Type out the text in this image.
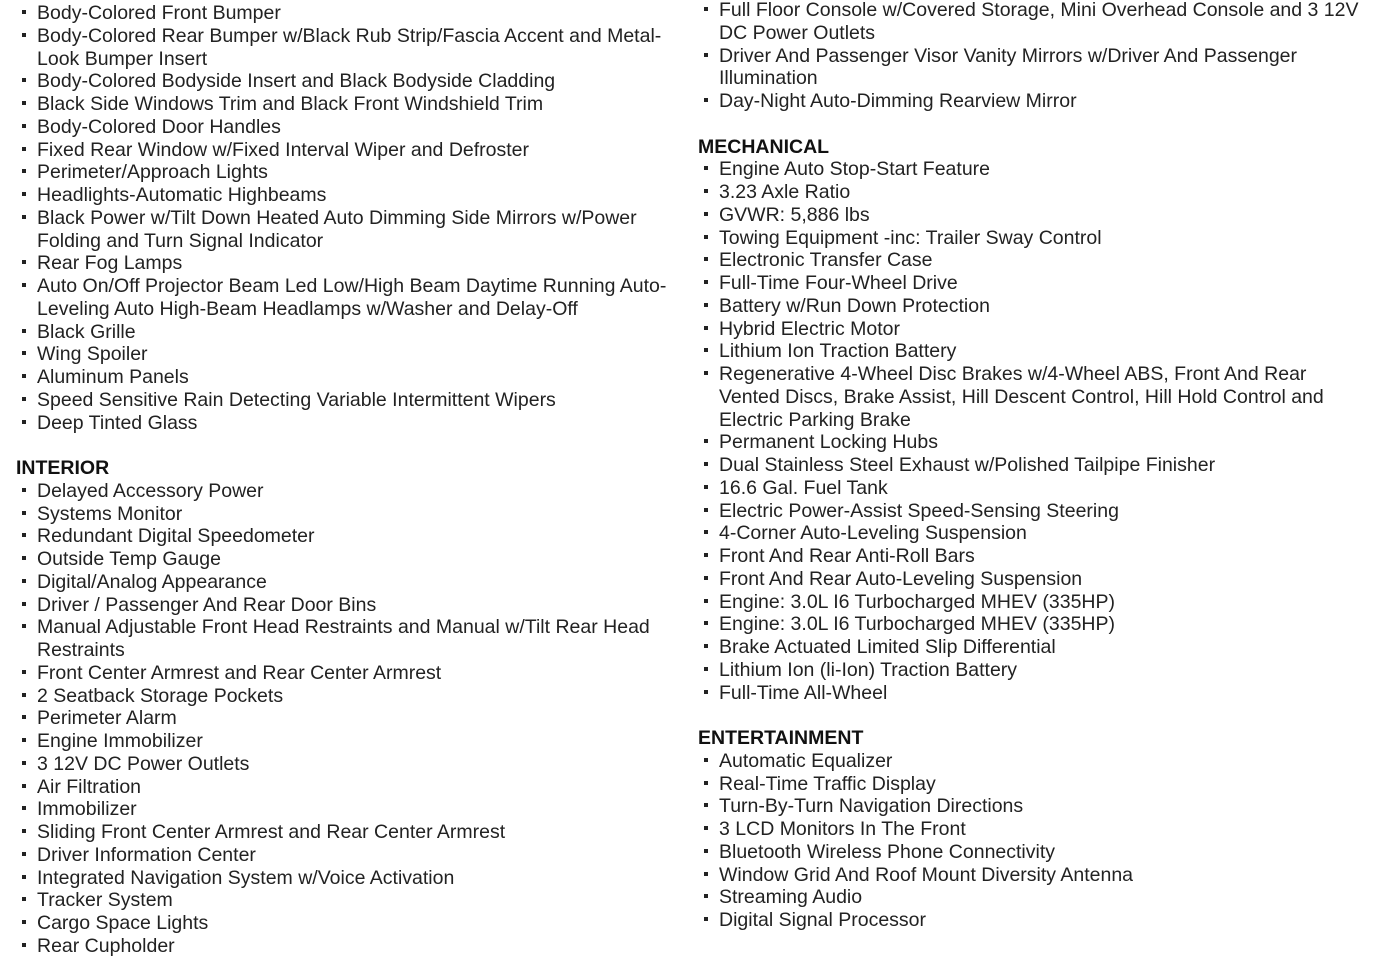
Body-Colored Front Bumper
Body-Colored Rear Bumper w/Black Rub Strip/Fascia Accent and Metal-Look Bumper Insert
Body-Colored Bodyside Insert and Black Bodyside Cladding
Black Side Windows Trim and Black Front Windshield Trim
Body-Colored Door Handles
Fixed Rear Window w/Fixed Interval Wiper and Defroster
Perimeter/Approach Lights
Headlights-Automatic Highbeams
Black Power w/Tilt Down Heated Auto Dimming Side Mirrors w/Power Folding and Turn Signal Indicator
Rear Fog Lamps
Auto On/Off Projector Beam Led Low/High Beam Daytime Running Auto-Leveling Auto High-Beam Headlamps w/Washer and Delay-Off
Black Grille
Wing Spoiler
Aluminum Panels
Speed Sensitive Rain Detecting Variable Intermittent Wipers
Deep Tinted Glass
INTERIOR
Delayed Accessory Power
Systems Monitor
Redundant Digital Speedometer
Outside Temp Gauge
Digital/Analog Appearance
Driver / Passenger And Rear Door Bins
Manual Adjustable Front Head Restraints and Manual w/Tilt Rear Head Restraints
Front Center Armrest and Rear Center Armrest
2 Seatback Storage Pockets
Perimeter Alarm
Engine Immobilizer
3 12V DC Power Outlets
Air Filtration
Immobilizer
Sliding Front Center Armrest and Rear Center Armrest
Driver Information Center
Integrated Navigation System w/Voice Activation
Tracker System
Cargo Space Lights
Rear Cupholder
Full Floor Console w/Covered Storage, Mini Overhead Console and 3 12V DC Power Outlets
Driver And Passenger Visor Vanity Mirrors w/Driver And Passenger Illumination
Day-Night Auto-Dimming Rearview Mirror
MECHANICAL
Engine Auto Stop-Start Feature
3.23 Axle Ratio
GVWR: 5,886 lbs
Towing Equipment -inc: Trailer Sway Control
Electronic Transfer Case
Full-Time Four-Wheel Drive
Battery w/Run Down Protection
Hybrid Electric Motor
Lithium Ion Traction Battery
Regenerative 4-Wheel Disc Brakes w/4-Wheel ABS, Front And Rear Vented Discs, Brake Assist, Hill Descent Control, Hill Hold Control and Electric Parking Brake
Permanent Locking Hubs
Dual Stainless Steel Exhaust w/Polished Tailpipe Finisher
16.6 Gal. Fuel Tank
Electric Power-Assist Speed-Sensing Steering
4-Corner Auto-Leveling Suspension
Front And Rear Anti-Roll Bars
Front And Rear Auto-Leveling Suspension
Engine: 3.0L I6 Turbocharged MHEV (335HP)
Engine: 3.0L I6 Turbocharged MHEV (335HP)
Brake Actuated Limited Slip Differential
Lithium Ion (li-Ion) Traction Battery
Full-Time All-Wheel
ENTERTAINMENT
Automatic Equalizer
Real-Time Traffic Display
Turn-By-Turn Navigation Directions
3 LCD Monitors In The Front
Bluetooth Wireless Phone Connectivity
Window Grid And Roof Mount Diversity Antenna
Streaming Audio
Digital Signal Processor
